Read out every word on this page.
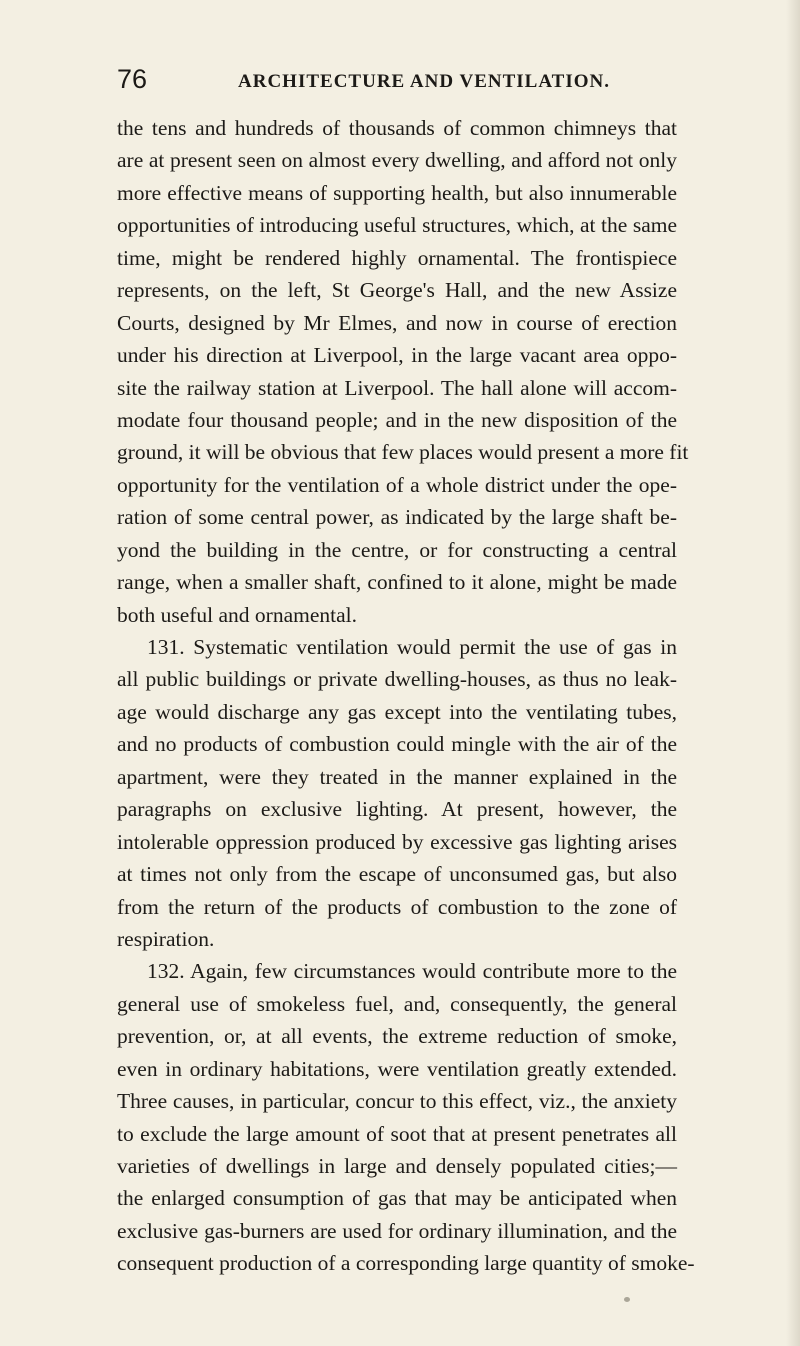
76	ARCHITECTURE AND VENTILATION.
the tens and hundreds of thousands of common chimneys that
are at present seen on almost every dwelling, and afford not only
more effective means of supporting health, but also innumerable
opportunities of introducing useful structures, which, at the same
time, might be rendered highly ornamental. The frontispiece
represents, on the left, St George's Hall, and the new Assize
Courts, designed by Mr Elmes, and now in course of erection
under his direction at Liverpool, in the large vacant area oppo-
site the railway station at Liverpool. The hall alone will accom-
modate four thousand people; and in the new disposition of the
ground, it will be obvious that few places would present a more fit
opportunity for the ventilation of a whole district under the ope-
ration of some central power, as indicated by the large shaft be-
yond the building in the centre, or for constructing a central
range, when a smaller shaft, confined to it alone, might be made
both useful and ornamental.
131. Systematic ventilation would permit the use of gas in
all public buildings or private dwelling-houses, as thus no leak-
age would discharge any gas except into the ventilating tubes,
and no products of combustion could mingle with the air of the
apartment, were they treated in the manner explained in the
paragraphs on exclusive lighting. At present, however, the
intolerable oppression produced by excessive gas lighting arises
at times not only from the escape of unconsumed gas, but also
from the return of the products of combustion to the zone of
respiration.
132. Again, few circumstances would contribute more to the
general use of smokeless fuel, and, consequently, the general
prevention, or, at all events, the extreme reduction of smoke,
even in ordinary habitations, were ventilation greatly extended.
Three causes, in particular, concur to this effect, viz., the anxiety
to exclude the large amount of soot that at present penetrates all
varieties of dwellings in large and densely populated cities;—
the enlarged consumption of gas that may be anticipated when
exclusive gas-burners are used for ordinary illumination, and the
consequent production of a corresponding large quantity of smoke-
